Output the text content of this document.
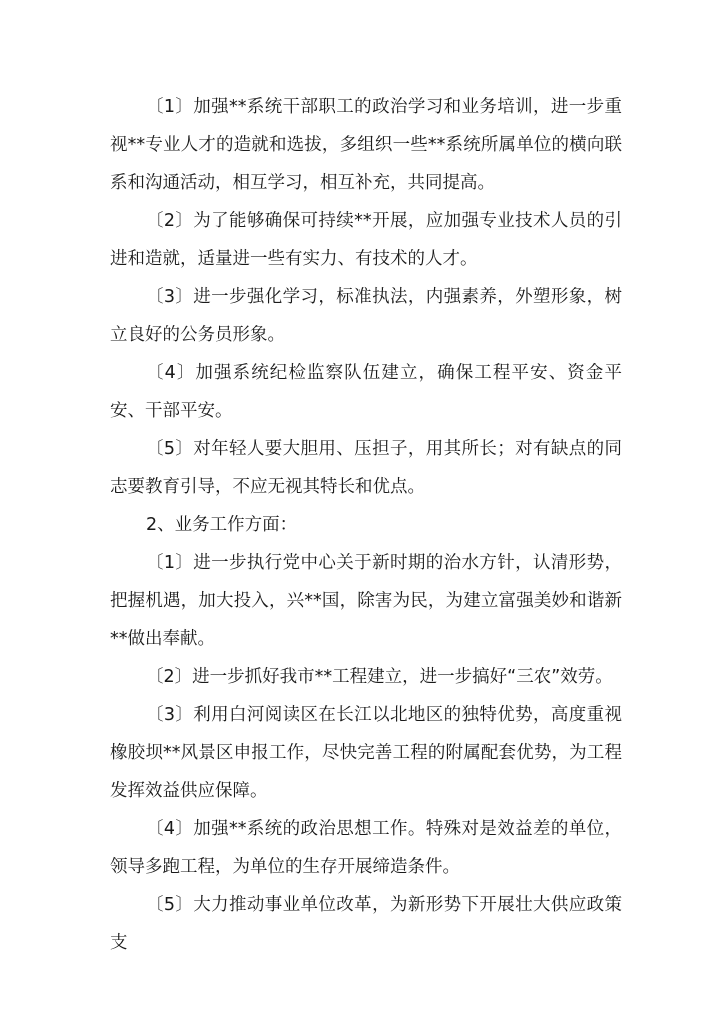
〔1〕加强**系统干部职工的政治学习和业务培训，进一步重视**专业人才的造就和选拔，多组织一些**系统所属单位的横向联系和沟通活动，相互学习，相互补充，共同提高。

〔2〕为了能够确保可持续**开展，应加强专业技术人员的引进和造就，适量进一些有实力、有技术的人才。

〔3〕进一步强化学习，标准执法，内强素养，外塑形象，树立良好的公务员形象。

〔4〕加强系统纪检监察队伍建立，确保工程平安、资金平安、干部平安。

〔5〕对年轻人要大胆用、压担子，用其所长；对有缺点的同志要教育引导，不应无视其特长和优点。

2、业务工作方面：

〔1〕进一步执行党中心关于新时期的治水方针，认清形势，把握机遇，加大投入，兴**国，除害为民，为建立富强美妙和谐新**做出奉献。

〔2〕进一步抓好我市**工程建立，进一步搞好“三农”效劳。

〔3〕利用白河阅读区在长江以北地区的独特优势，高度重视橡胶坝**风景区申报工作，尽快完善工程的附属配套优势，为工程发挥效益供应保障。

〔4〕加强**系统的政治思想工作。特殊对是效益差的单位，领导多跑工程，为单位的生存开展缔造条件。

〔5〕大力推动事业单位改革，为新形势下开展壮大供应政策支
